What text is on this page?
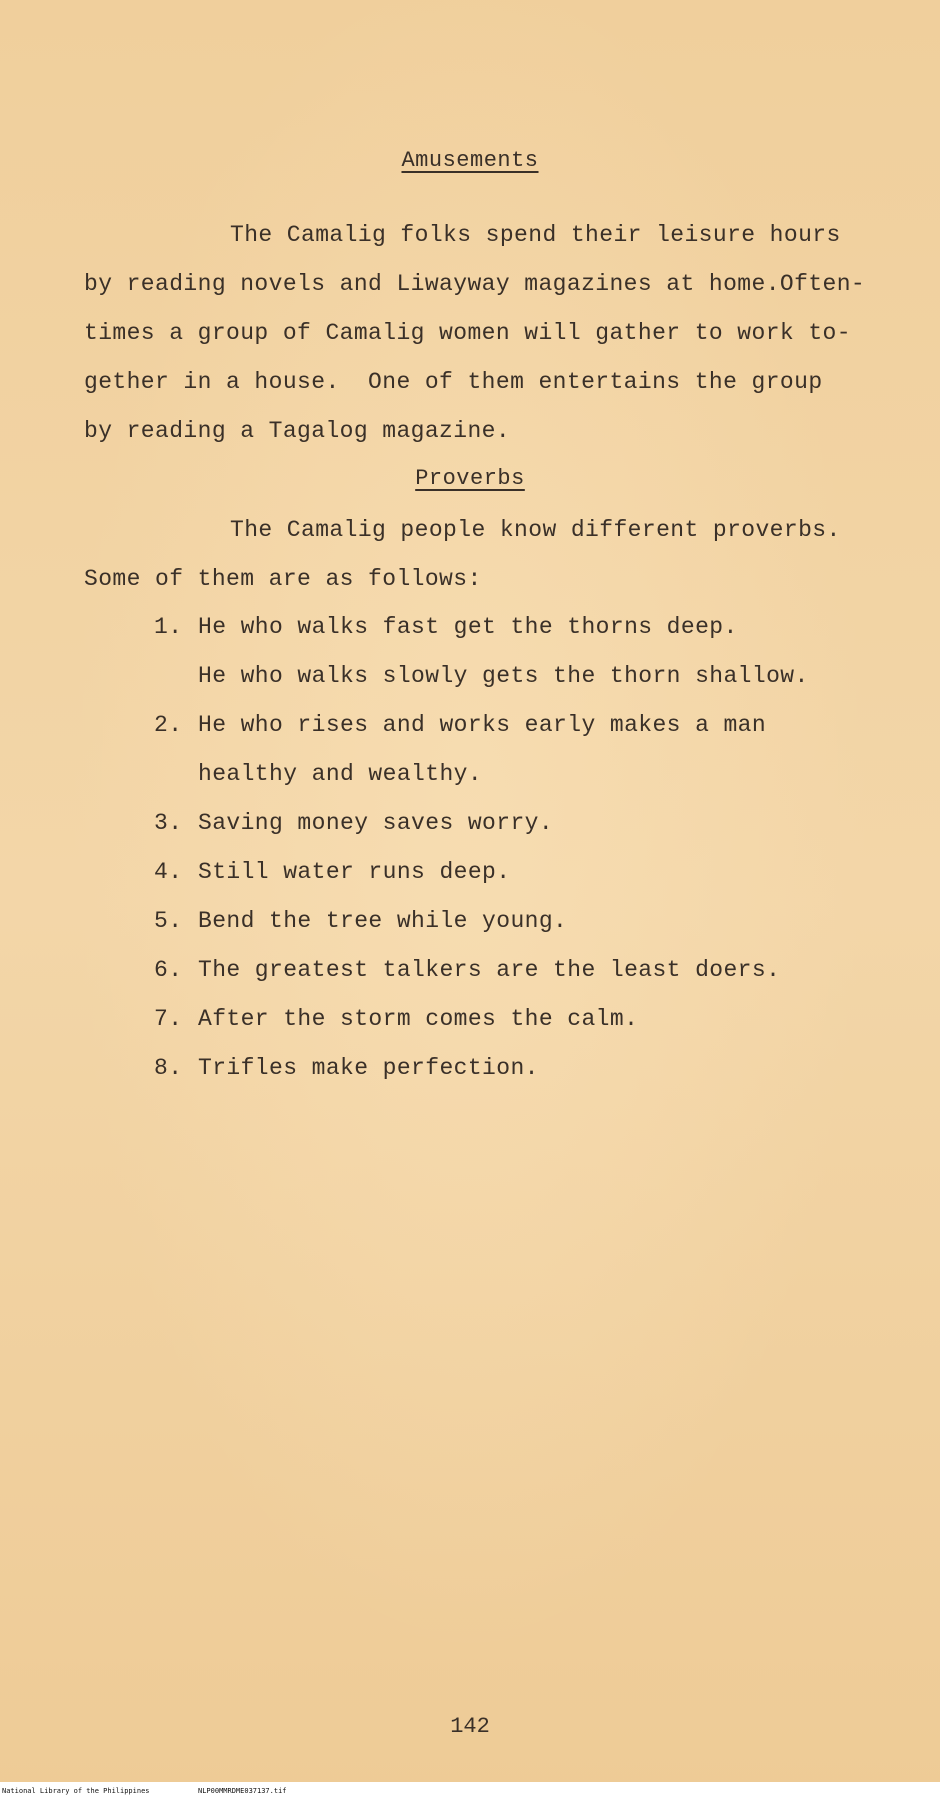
Amusements
The Camalig folks spend their leisure hours
by reading novels and Liwayway magazines at home.Often-
times a group of Camalig women will gather to work to-
gether in a house.  One of them entertains the group
by reading a Tagalog magazine.
Proverbs
The Camalig people know different proverbs.
Some of them are as follows:
1. He who walks fast get the thorns deep.
He who walks slowly gets the thorn shallow.
2. He who rises and works early makes a man
healthy and wealthy.
3. Saving money saves worry.
4. Still water runs deep.
5. Bend the tree while young.
6. The greatest talkers are the least doers.
7. After the storm comes the calm.
8. Trifles make perfection.
142
National Library of the Philippines	NLP00MMRDME037137.tif
